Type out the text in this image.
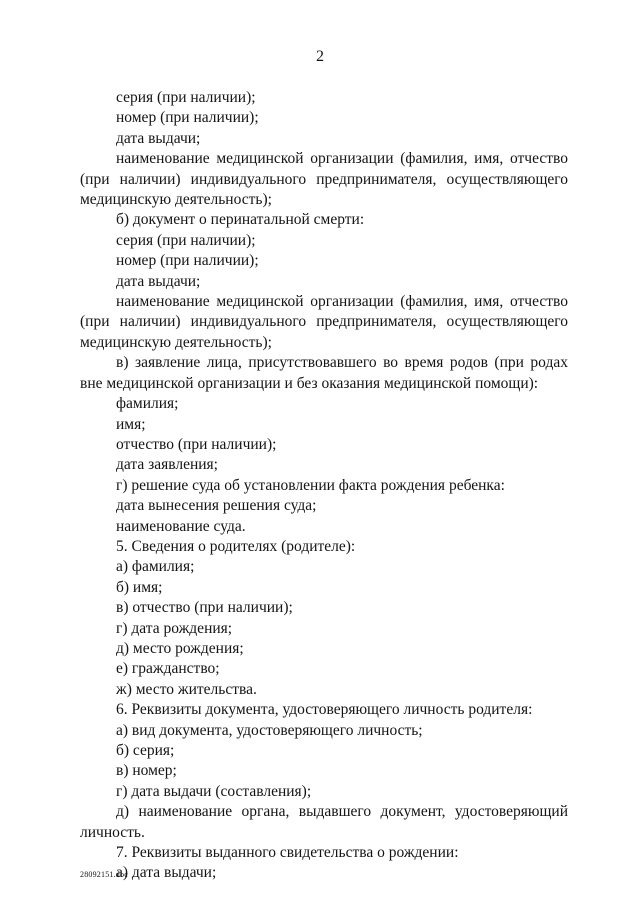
2

серия (при наличии);

номер (при наличии);

дата выдачи;

наименование медицинской организации (фамилия, имя, отчество (при наличии) индивидуального предпринимателя, осуществляющего медицинскую деятельность);

б) документ о перинатальной смерти:

серия (при наличии);

номер (при наличии);

дата выдачи;

наименование медицинской организации (фамилия, имя, отчество (при наличии) индивидуального предпринимателя, осуществляющего медицинскую деятельность);

в) заявление лица, присутствовавшего во время родов (при родах вне медицинской организации и без оказания медицинской помощи):

фамилия;

имя;

отчество (при наличии);

дата заявления;

г) решение суда об установлении факта рождения ребенка:

дата вынесения решения суда;

наименование суда.

5. Сведения о родителях (родителе):

а) фамилия;

б) имя;

в) отчество (при наличии);

г) дата рождения;

д) место рождения;

е) гражданство;

ж) место жительства.

6. Реквизиты документа, удостоверяющего личность родителя:

а) вид документа, удостоверяющего личность;

б) серия;

в) номер;

г) дата выдачи (составления);

д) наименование органа, выдавшего документ, удостоверяющий личность.

7. Реквизиты выданного свидетельства о рождении:

а) дата выдачи;

28092151.doc
